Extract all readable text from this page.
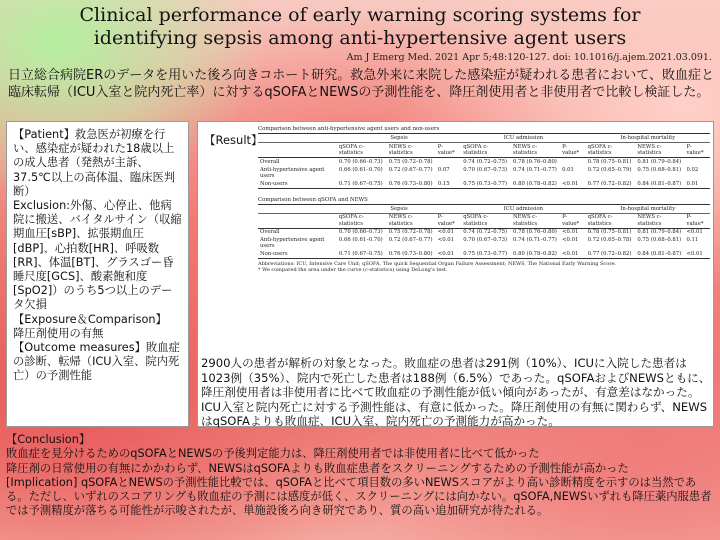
Clinical performance of early warning scoring systems for
identifying sepsis among anti-hypertensive agent users
Am J Emerg Med. 2021 Apr 5;48:120-127. doi: 10.1016/j.ajem.2021.03.091.
日立総合病院ERのデータを用いた後ろ向きコホート研究。救急外来に来院した感染症が疑われる患者において、敗血症と臨床転帰（ICU入室と院内死亡率）に対するqSOFAとNEWSの予測性能を、降圧剤使用者と非使用者で比較し検証した。

【Patient】救急医が初療を行い、感染症が疑われた18歳以上の成人患者（発熱が主訴、37.5℃以上の高体温、臨床医判断）

Exclusion:外傷、心停止、他病院に搬送、バイタルサイン（収縮期血圧[sBP]、拡張期血圧[dBP]、心拍数[HR]、呼吸数[RR]、体温[BT]、グラスゴー昏睡尺度[GCS]、酸素飽和度[SpO2]）のうち5つ以上のデータ欠損

【Exposure＆Comparison】

降圧剤使用の有無

【Outcome measures】敗血症の診断、転帰（ICU入室、院内死亡）の予測性能

【Result】
Comparison between anti-hypertensive agent users and non-users
	Sepsis			ICU admission			In-hospital mortality		
	qSOFA c-statistics	NEWS c-statistics	P-value*	qSOFA c-statistics	NEWS c-statistics	P-value*	qSOFA c-statistics	NEWS c-statistics	P-value*
Overall	0.70 (0.66–0.73)	0.75 (0.72–0.78)		0.74 (0.72–0.75)	0.78 (0.76–0.80)		0.78 (0.75–0.81)	0.81 (0.79–0.84)	
Anti-hypertensive agent users	0.66 (0.61–0.70)	0.72 (0.67–0.77)	0.07	0.70 (0.67–0.73)	0.74 (0.71–0.77)	0.01	0.72 (0.65–0.79)	0.75 (0.68–0.81)	0.02
Non-users	0.71 (0.67–0.75)	0.76 (0.73–0.80)	0.15	0.75 (0.73–0.77)	0.80 (0.78–0.82)	<0.01	0.77 (0.72–0.82)	0.84 (0.81–0.87)	0.01
Comparison between qSOFA and NEWS
	Sepsis			ICU admission			In-hospital mortality		
	qSOFA c-statistics	NEWS c-statistics	P-value*	qSOFA c-statistics	NEWS c-statistics	P-value*	qSOFA c-statistics	NEWS c-statistics	P-value*
Overall	0.70 (0.66–0.73)	0.75 (0.72–0.78)	<0.01	0.74 (0.72–0.75)	0.78 (0.76–0.80)	<0.01	0.78 (0.75–0.81)	0.81 (0.79–0.84)	<0.01
Anti-hypertensive agent users	0.66 (0.61–0.70)	0.72 (0.67–0.77)	<0.01	0.70 (0.67–0.73)	0.74 (0.71–0.77)	<0.01	0.72 (0.65–0.78)	0.75 (0.68–0.81)	0.11
Non-users	0.71 (0.67–0.75)	0.76 (0.73–0.80)	<0.01	0.75 (0.73–0.77)	0.80 (0.78–0.82)	<0.01	0.77 (0.72–0.82)	0.84 (0.81–0.87)	<0.01
Abbreviations: ICU, Intensive Care Unit; qSOFA, The quick Sequential Organ Failure Assessment; NEWS, The National Early Warning Score.
* We compared the area under the curve (c-statistics) using DeLong's test.
2900人の患者が解析の対象となった。敗血症の患者は291例（10%）、ICUに入院した患者は1023例（35%）、院内で死亡した患者は188例（6.5%）であった。qSOFAおよびNEWSともに、降圧剤使用者は非使用者に比べて敗血症の予測性能が低い傾向があったが、有意差はなかった。ICU入室と院内死亡に対する予測性能は、有意に低かった。降圧剤使用の有無に関わらず、NEWSはqSOFAよりも敗血症、ICU入室、院内死亡の予測能力が高かった。
【Conclusion】
敗血症を見分けるためのqSOFAとNEWSの予後判定能力は、降圧剤使用者では非使用者に比べて低かった
降圧剤の日常使用の有無にかかわらず、NEWSはqSOFAよりも敗血症患者をスクリーニングするための予測性能が高かった
[Implication] qSOFAとNEWSの予測性能比較では、qSOFAと比べて項目数の多いNEWSスコアがより高い診断精度を示すのは当然である。ただし、いずれのスコアリングも敗血症の予測には感度が低く、スクリーニングには向かない。qSOFA,NEWSいずれも降圧薬内服患者では予測精度が落ちる可能性が示唆されたが、単施設後ろ向き研究であり、質の高い追加研究が待たれる。
